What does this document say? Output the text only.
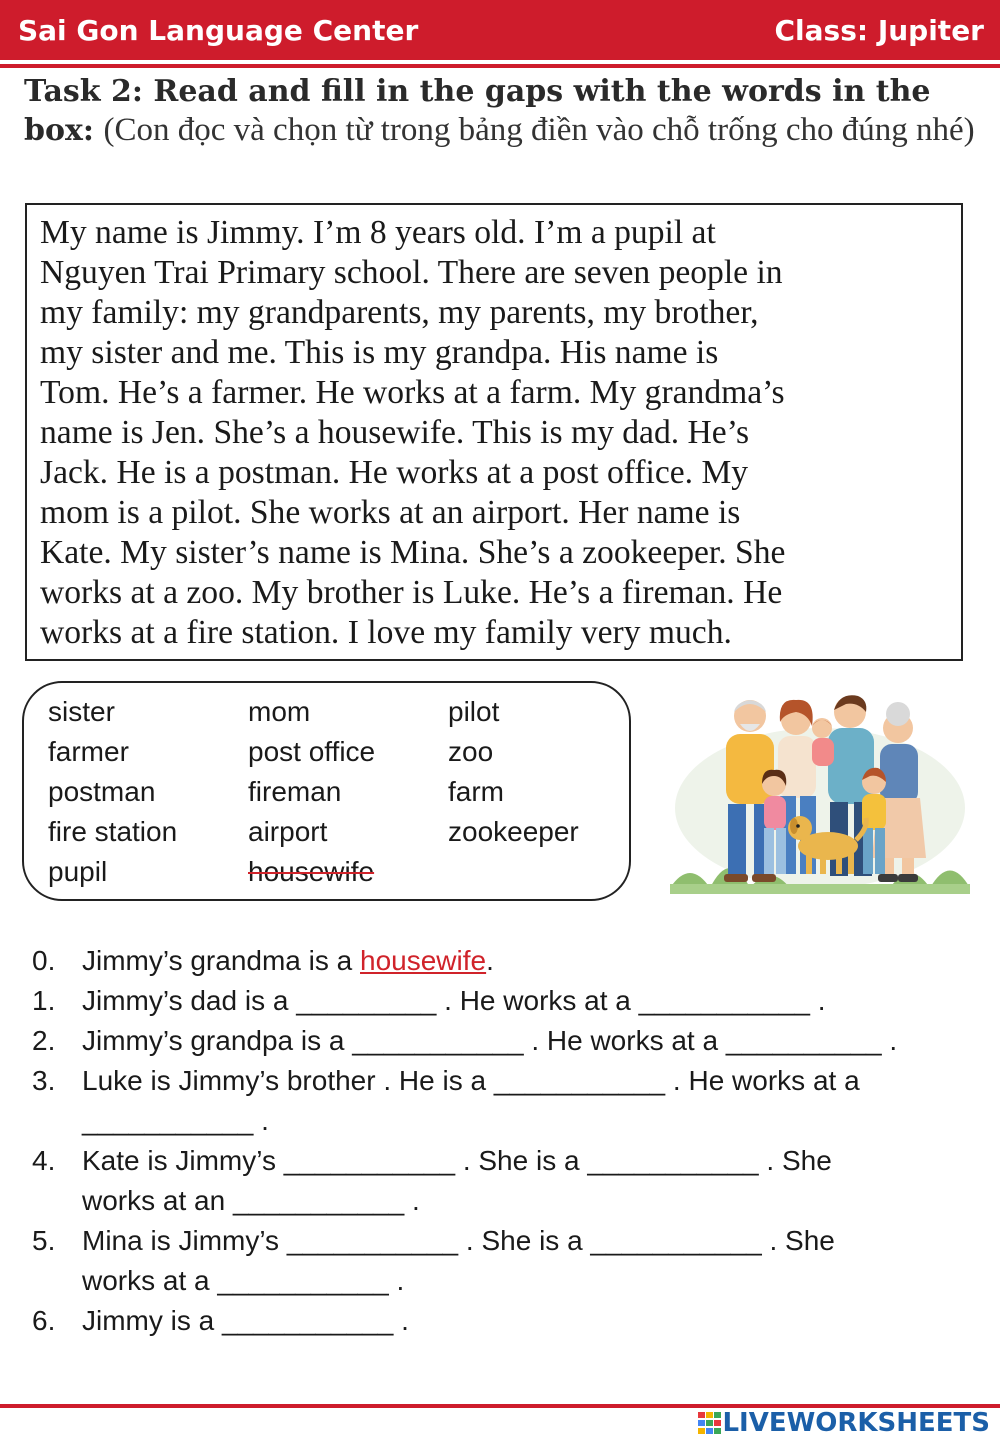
Sai Gon Language Center	Class: Jupiter
Task 2: Read and fill in the gaps with the words in the box: (Con đọc và chọn từ trong bảng điền vào chỗ trống cho đúng nhé)
My name is Jimmy. I’m 8 years old. I’m a pupil at
Nguyen Trai Primary school. There are seven people in
my family: my grandparents, my parents, my brother,
my sister and me. This is my grandpa. His name is
Tom. He’s a farmer. He works at a farm. My grandma’s
name is Jen. She’s a housewife. This is my dad. He’s
Jack. He is a postman. He works at a post office. My
mom is a pilot. She works at an airport. Her name is
Kate. My sister’s name is Mina. She’s a zookeeper. She
works at a zoo. My brother is Luke. He’s a fireman. He
works at a fire station. I love my family very much.
sister	mom	pilot
farmer	post office	zoo
postman	fireman	farm
fire station	airport	zookeeper
pupil	housewife
0. Jimmy’s grandma is a housewife.
1. Jimmy’s dad is a _________ . He works at a ___________ .
2. Jimmy’s grandpa is a ___________ . He works at a __________ .
3. Luke is Jimmy’s brother . He is a ___________ . He works at a
___________ .
4. Kate is Jimmy’s ___________ . She is a ___________ . She
works at an ___________ .
5. Mina is Jimmy’s ___________ . She is a ___________ . She
works at a ___________ .
6. Jimmy is a ___________ .
LIVEWORKSHEETS
